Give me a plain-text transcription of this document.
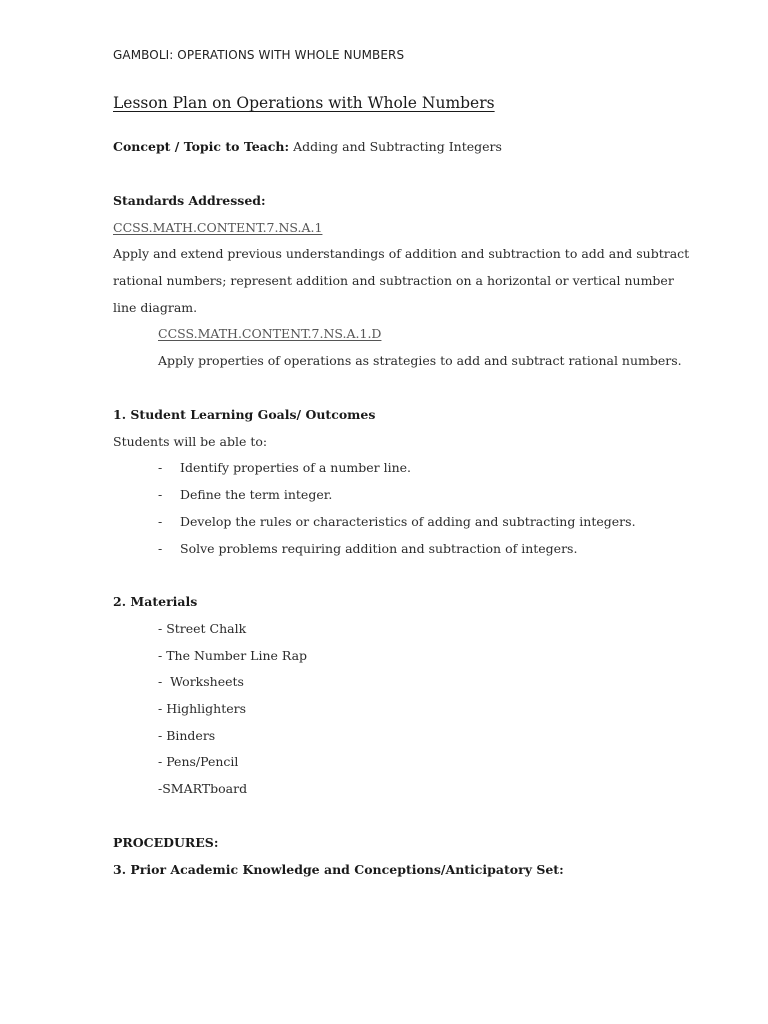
GAMBOLI: OPERATIONS WITH WHOLE NUMBERS
Lesson Plan on Operations with Whole Numbers
Concept / Topic to Teach: Adding and Subtracting Integers
Standards Addressed:
CCSS.MATH.CONTENT.7.NS.A.1
Apply and extend previous understandings of addition and subtraction to add and subtract
rational numbers; represent addition and subtraction on a horizontal or vertical number
line diagram.
CCSS.MATH.CONTENT.7.NS.A.1.D
Apply properties of operations as strategies to add and subtract rational numbers.
1. Student Learning Goals/ Outcomes
Students will be able to:
- Identify properties of a number line.
- Define the term integer.
- Develop the rules or characteristics of adding and subtracting integers.
- Solve problems requiring addition and subtraction of integers.
2. Materials
- Street Chalk
- The Number Line Rap
-  Worksheets
- Highlighters
- Binders
- Pens/Pencil
-SMARTboard
PROCEDURES:
3. Prior Academic Knowledge and Conceptions/Anticipatory Set:
